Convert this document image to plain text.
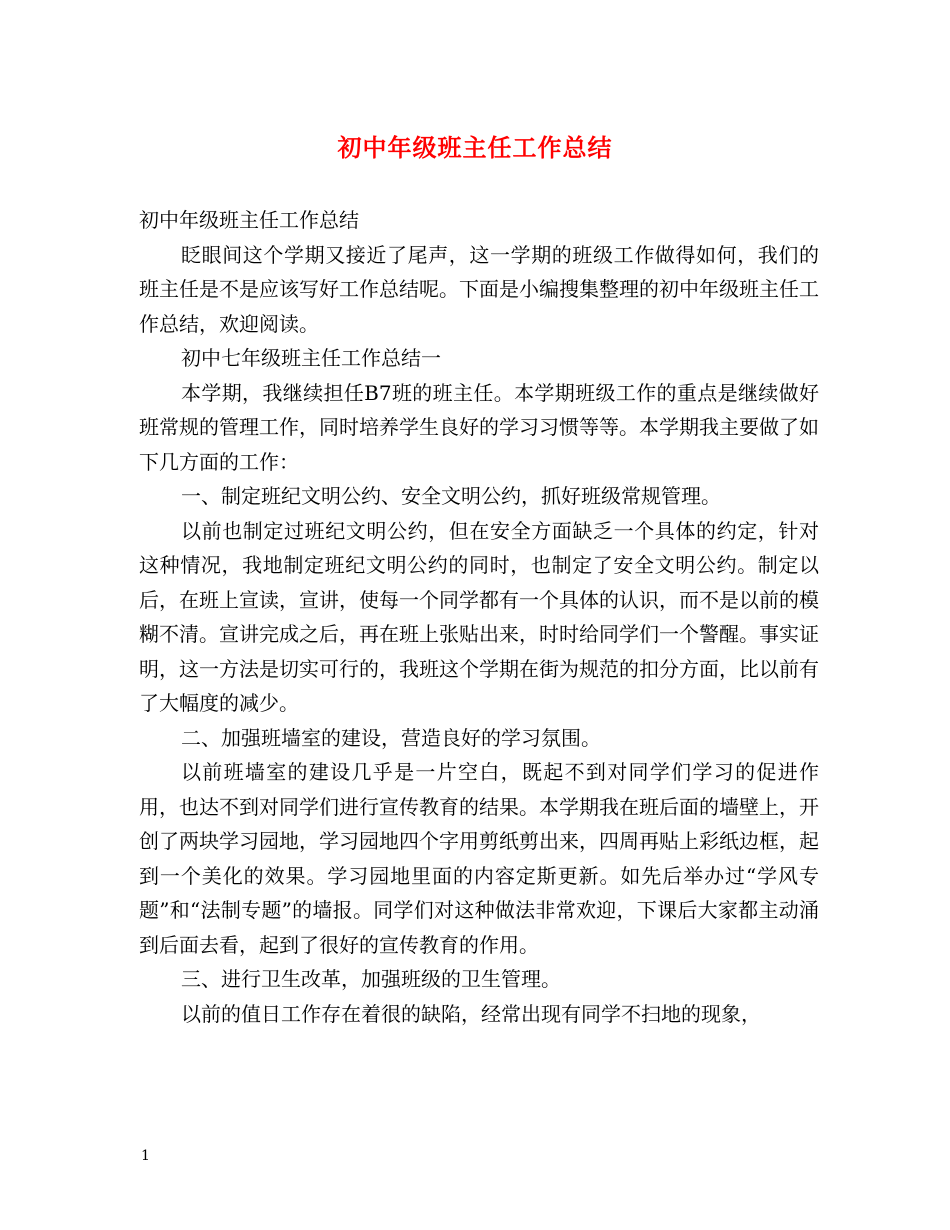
初中年级班主任工作总结

初中年级班主任工作总结

眨眼间这个学期又接近了尾声，这一学期的班级工作做得如何，我们的班主任是不是应该写好工作总结呢。下面是小编搜集整理的初中年级班主任工作总结，欢迎阅读。

初中七年级班主任工作总结一

本学期，我继续担任B7班的班主任。本学期班级工作的重点是继续做好班常规的管理工作，同时培养学生良好的学习习惯等等。本学期我主要做了如下几方面的工作：

一、制定班纪文明公约、安全文明公约，抓好班级常规管理。

以前也制定过班纪文明公约，但在安全方面缺乏一个具体的约定，针对这种情况，我地制定班纪文明公约的同时，也制定了安全文明公约。制定以后，在班上宣读，宣讲，使每一个同学都有一个具体的认识，而不是以前的模糊不清。宣讲完成之后，再在班上张贴出来，时时给同学们一个警醒。事实证明，这一方法是切实可行的，我班这个学期在街为规范的扣分方面，比以前有了大幅度的减少。

二、加强班墙室的建设，营造良好的学习氛围。

以前班墙室的建设几乎是一片空白，既起不到对同学们学习的促进作用，也达不到对同学们进行宣传教育的结果。本学期我在班后面的墙壁上，开创了两块学习园地，学习园地四个字用剪纸剪出来，四周再贴上彩纸边框，起到一个美化的效果。学习园地里面的内容定斯更新。如先后举办过“学风专题”和“法制专题”的墙报。同学们对这种做法非常欢迎，下课后大家都主动涌到后面去看，起到了很好的宣传教育的作用。

三、进行卫生改革，加强班级的卫生管理。

以前的值日工作存在着很的缺陷，经常出现有同学不扫地的现象，

1
